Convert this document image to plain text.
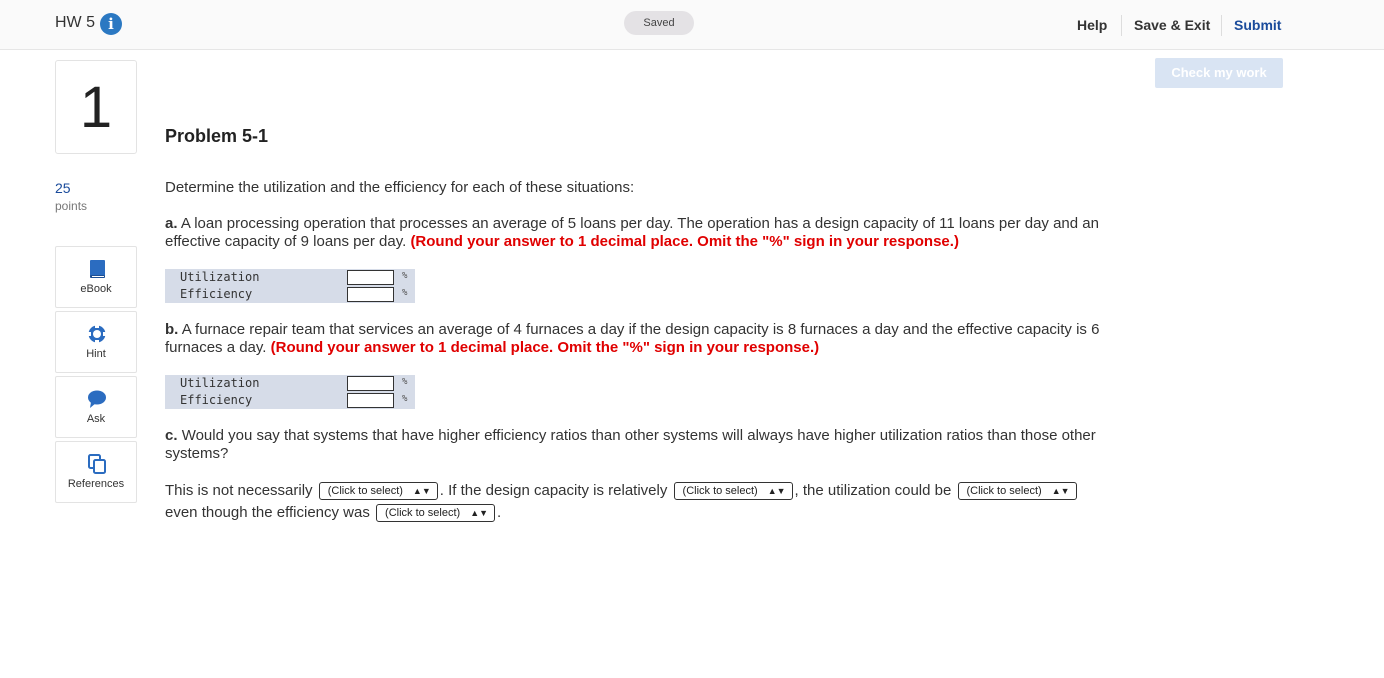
HW 5 i	Saved	Help Save & Exit Submit
1
25
points
eBook
Hint
Ask
References
Check my work
Problem 5-1
Determine the utilization and the efficiency for each of these situations:
a. A loan processing operation that processes an average of 5 loans per day. The operation has a design capacity of 11 loans per day and an effective capacity of 9 loans per day. (Round your answer to 1 decimal place. Omit the "%" sign in your response.)
Utilization	%
Efficiency	%
b. A furnace repair team that services an average of 4 furnaces a day if the design capacity is 8 furnaces a day and the effective capacity is 6 furnaces a day. (Round your answer to 1 decimal place. Omit the "%" sign in your response.)
Utilization	%
Efficiency	%
c. Would you say that systems that have higher efficiency ratios than other systems will always have higher utilization ratios than those other systems?
This is not necessarily (Click to select) ▲▼ . If the design capacity is relatively (Click to select) ▲▼ , the utilization could be (Click to select) ▲▼
even though the efficiency was (Click to select) ▲▼ .
